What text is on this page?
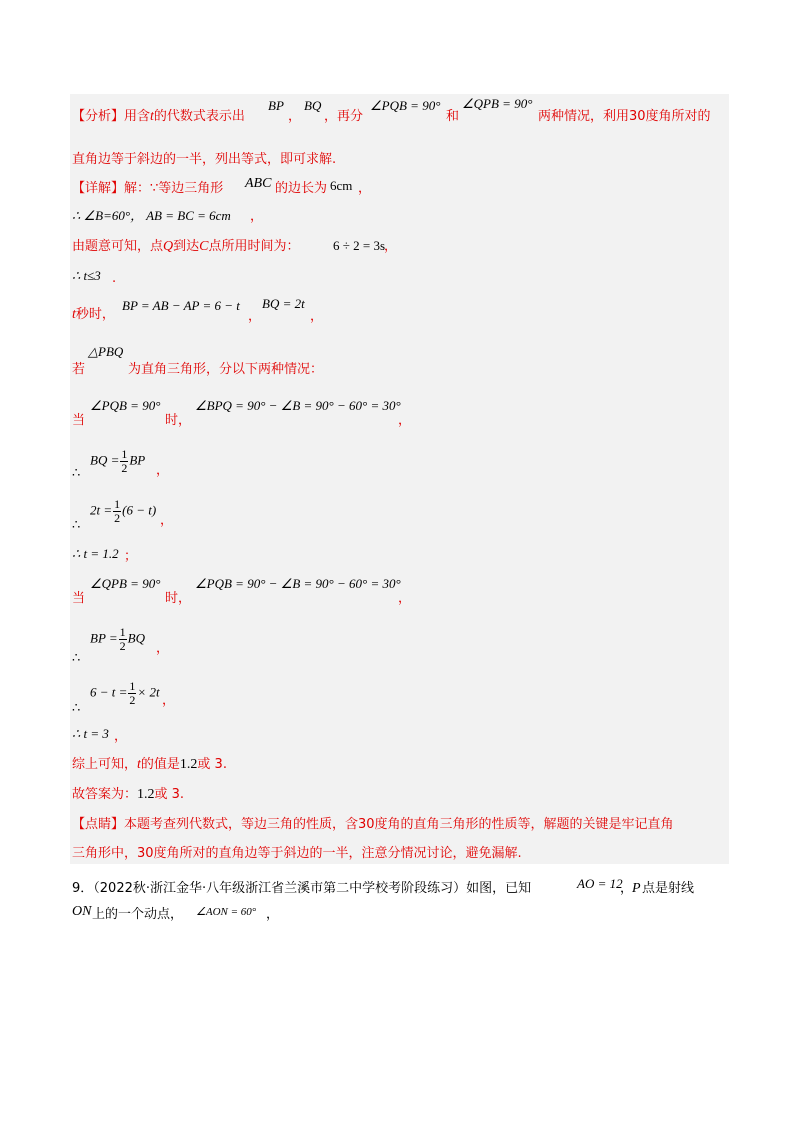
【分析】用含t的代数式表示出
BP
，
BQ
，再分
∠PQB = 90°
和
∠QPB = 90°
两种情况，利用30度角所对的
直角边等于斜边的一半，列出等式，即可求解.
【详解】解：∵等边三角形 ABC 的边长为 6cm ，
∴ ∠B=60°， AB = BC = 6cm ，
由题意可知，点Q到达C点所用时间为：	6 ÷ 2 = 3s
，
∴ t≤3 .
t秒时，
BP = AB − AP = 6 − t
，
BQ = 2t
，
若
△PBQ
为直角三角形，分以下两种情况：
当
∠PQB = 90°
时，
∠BPQ = 90° − ∠B = 90° − 60° = 30°
，
∴
BQ = $\frac{1}{2}$ BP
，
∴
$2t = \frac{1}{2} (6 - t)$
，
∴ t = 1.2 ；
当
∠QPB = 90°
时，
∠PQB = 90° − ∠B = 90° − 60° = 30°
，
∴
BP = $\frac{1}{2}$ BQ
，
∴
$6 - t = \frac{1}{2} \times 2t$
，
∴ t = 3 ，
综上可知，t的值是1.2或 3.
故答案为：1.2或 3.
【点睛】本题考查列代数式，等边三角的性质，含30度角的直角三角形的性质等，解题的关键是牢记直角
三角形中，30度角所对的直角边等于斜边的一半，注意分情况讨论，避免漏解.
9．（2022秋·浙江金华·八年级浙江省兰溪市第二中学校考阶段练习）如图，已知	AO = 12
，
P 点是射线
ON 上的一个动点， ∠AON = 60° ，
